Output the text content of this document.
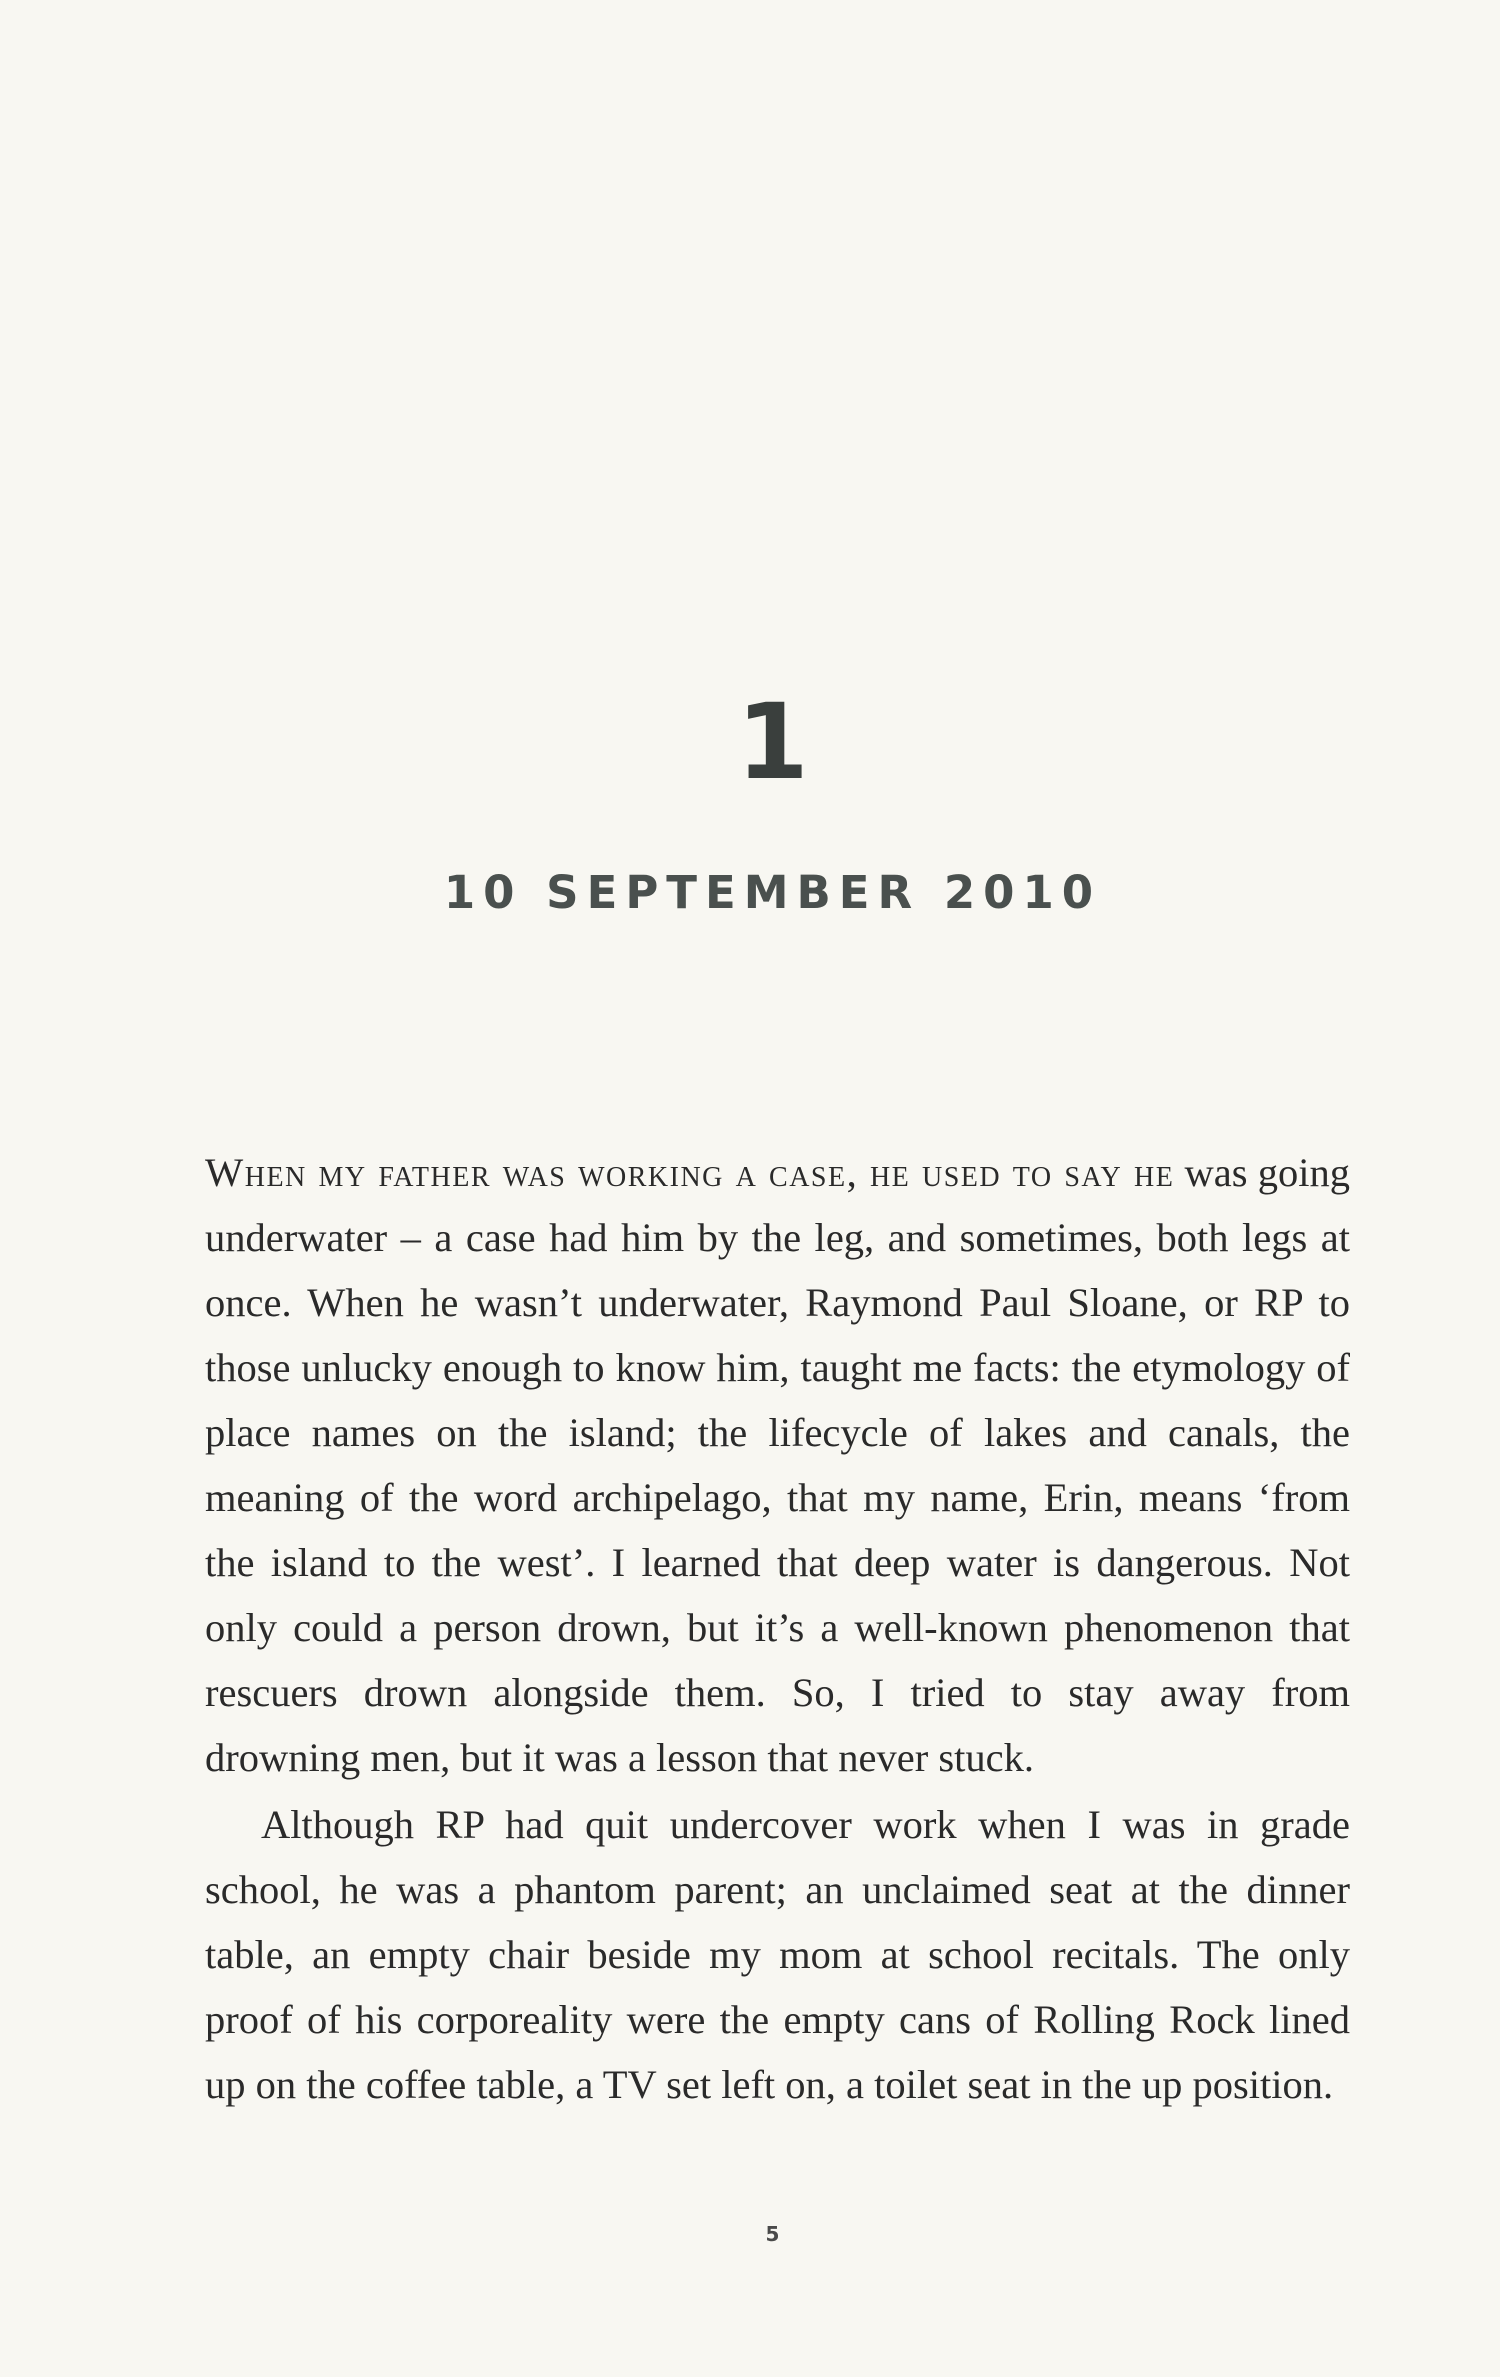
1
10 SEPTEMBER 2010

When my father was working a case, he used to say he was going underwater – a case had him by the leg, and sometimes, both legs at once. When he wasn’t underwater, Raymond Paul Sloane, or RP to those unlucky enough to know him, taught me facts: the etymology of place names on the island; the lifecycle of lakes and canals, the meaning of the word archipelago, that my name, Erin, means ‘from the island to the west’. I learned that deep water is dangerous. Not only could a person drown, but it’s a well-known phenomenon that rescuers drown alongside them. So, I tried to stay away from drowning men, but it was a lesson that never stuck.

Although RP had quit undercover work when I was in grade school, he was a phantom parent; an unclaimed seat at the dinner table, an empty chair beside my mom at school recitals. The only proof of his corporeality were the empty cans of Rolling Rock lined up on the coffee table, a TV set left on, a toilet seat in the up position.

5
